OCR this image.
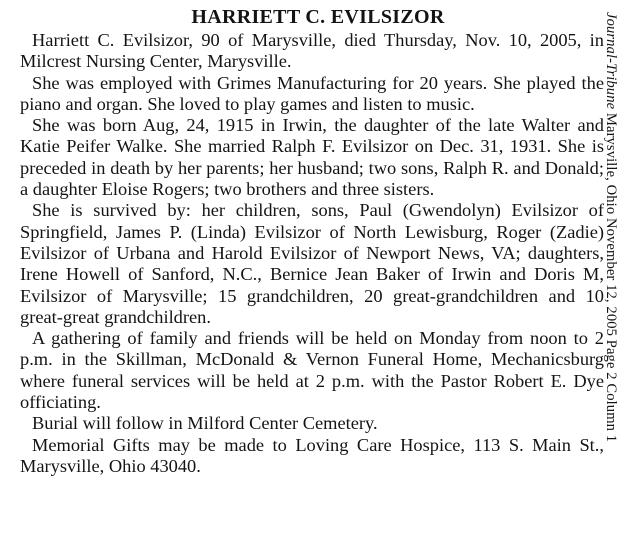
HARRIETT C. EVILSIZOR

Harriett C. Evilsizor, 90 of Marysville, died Thursday, Nov. 10, 2005, in Milcrest Nursing Center, Marysville.

She was employed with Grimes Manufacturing for 20 years. She played the piano and organ. She loved to play games and listen to music.

She was born Aug, 24, 1915 in Irwin, the daughter of the late Walter and Katie Peifer Walke. She married Ralph F. Evilsizor on Dec. 31, 1931. She is preceded in death by her parents; her husband; two sons, Ralph R. and Donald; a daughter Eloise Rogers; two brothers and three sisters.

She is survived by: her children, sons, Paul (Gwendolyn) Evilsizor of Springfield, James P. (Linda) Evilsizor of North Lewisburg, Roger (Zadie) Evilsizor of Urbana and Harold Evilsizor of Newport News, VA; daughters, Irene Howell of Sanford, N.C., Bernice Jean Baker of Irwin and Doris M, Evilsizor of Marysville; 15 grandchildren, 20 great-grandchildren and 10 great-great grandchildren.

A gathering of family and friends will be held on Monday from noon to 2 p.m. in the Skillman, McDonald & Vernon Funeral Home, Mechanicsburg where funeral services will be held at 2 p.m. with the Pastor Robert E. Dye officiating.

Burial will follow in Milford Center Cemetery.

Memorial Gifts may be made to Loving Care Hospice, 113 S. Main St., Marysville, Ohio 43040.

Journal-Tribune Marysville, Ohio November 12, 2005 Page 2 Column 1
